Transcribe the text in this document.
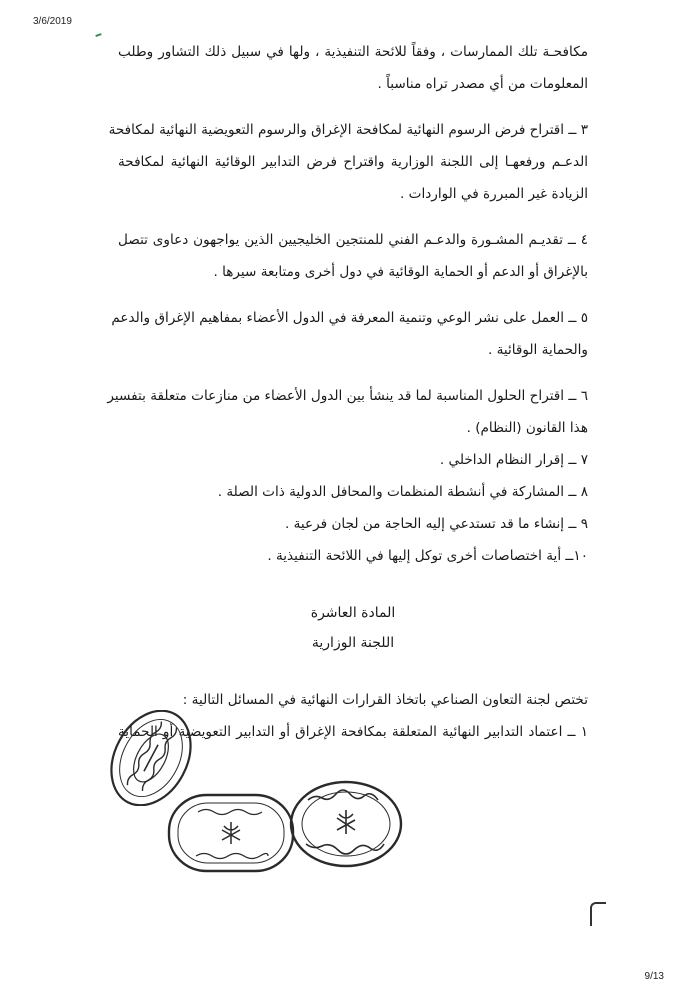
3/6/2019
مكافحـة تلك الممارسات ، وفقاً للائحة التنفيذية ، ولها في سبيل ذلك التشاور وطلب
المعلومات من أي مصدر تراه مناسباً .
٣ ــ اقتراح فرض الرسوم النهائية لمكافحة الإغراق والرسوم التعويضية النهائية لمكافحة
الدعـم ورفعهـا إلى اللجنة الوزارية واقتراح فرض التدابير الوقائية النهائية لمكافحة
الزيادة غير المبررة في الواردات .
٤ ــ تقديـم المشـورة والدعـم الفني للمنتجين الخليجيين الذين يواجهون دعاوى تتصل
بالإغراق أو الدعم أو الحماية الوقائية في دول أخرى ومتابعة سيرها .
٥ ــ العمل على نشر الوعي وتنمية المعرفة في الدول الأعضاء بمفاهيم الإغراق والدعم
والحماية الوقائية .
٦ ــ اقتراح الحلول المناسبة لما قد ينشأ بين الدول الأعضاء من منازعات متعلقة بتفسير
هذا القانون (النظام) .
٧ ــ إقرار النظام الداخلي .
٨ ــ المشاركة في أنشطة المنظمات والمحافل الدولية ذات الصلة .
٩ ــ إنشاء ما قد تستدعي إليه الحاجة من لجان فرعية .
١٠ــ أية اختصاصات أخرى توكل إليها في اللائحة التنفيذية .
المادة العاشرة
اللجنة الوزارية
تختص لجنة التعاون الصناعي باتخاذ القرارات النهائية في المسائل التالية :
١ ــ اعتماد التدابير النهائية المتعلقة بمكافحة الإغراق أو التدابير التعويضية أو الحماية
9/13
